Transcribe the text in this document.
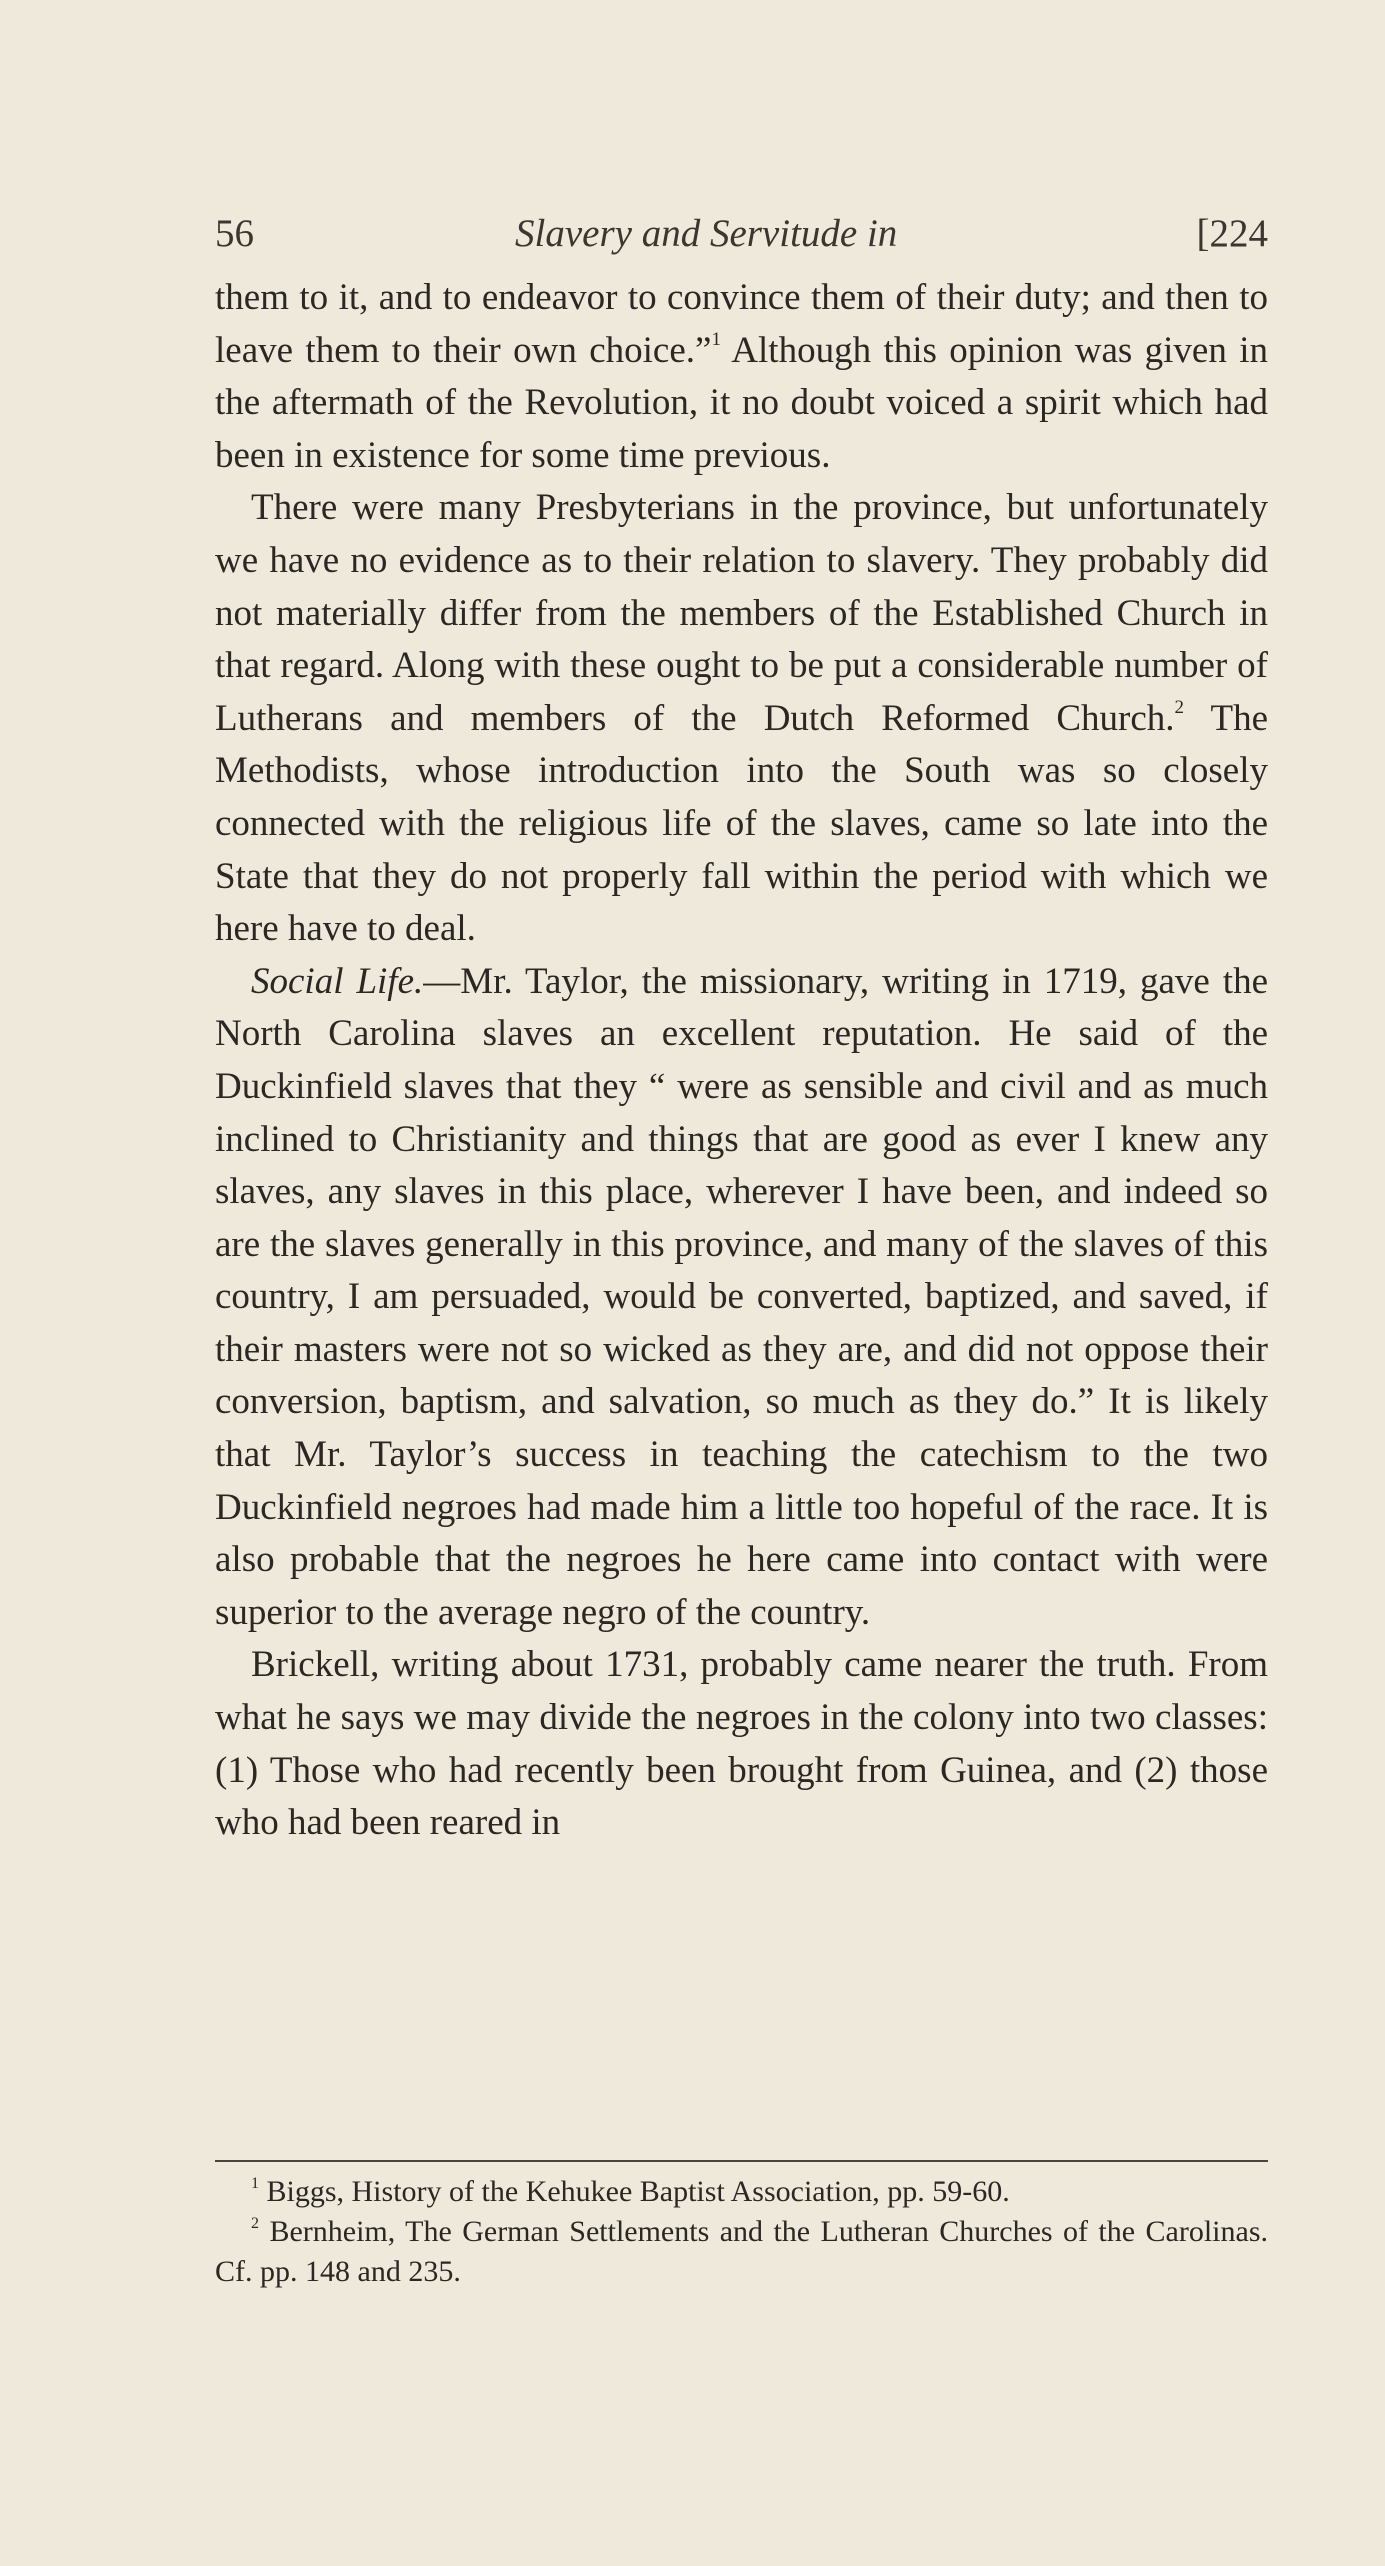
56	Slavery and Servitude in	[224

them to it, and to endeavor to convince them of their duty; and then to leave them to their own choice.”$^1$ Although this opinion was given in the aftermath of the Revolution, it no doubt voiced a spirit which had been in existence for some time previous.

There were many Presbyterians in the province, but unfortunately we have no evidence as to their relation to slavery. They probably did not materially differ from the members of the Established Church in that regard. Along with these ought to be put a considerable number of Lutherans and members of the Dutch Reformed Church.$^2$ The Methodists, whose introduction into the South was so closely connected with the religious life of the slaves, came so late into the State that they do not properly fall within the period with which we here have to deal.

Social Life.—Mr. Taylor, the missionary, writing in 1719, gave the North Carolina slaves an excellent reputation. He said of the Duckinfield slaves that they “ were as sensible and civil and as much inclined to Christianity and things that are good as ever I knew any slaves, any slaves in this place, wherever I have been, and indeed so are the slaves generally in this province, and many of the slaves of this country, I am persuaded, would be converted, baptized, and saved, if their masters were not so wicked as they are, and did not oppose their conversion, baptism, and salvation, so much as they do.” It is likely that Mr. Taylor’s success in teaching the catechism to the two Duckinfield negroes had made him a little too hopeful of the race. It is also probable that the negroes he here came into contact with were superior to the average negro of the country.

Brickell, writing about 1731, probably came nearer the truth. From what he says we may divide the negroes in the colony into two classes: (1) Those who had recently been brought from Guinea, and (2) those who had been reared in

$^1$ Biggs, History of the Kehukee Baptist Association, pp. 59-60.

$^2$ Bernheim, The German Settlements and the Lutheran Churches of the Carolinas. Cf. pp. 148 and 235.
